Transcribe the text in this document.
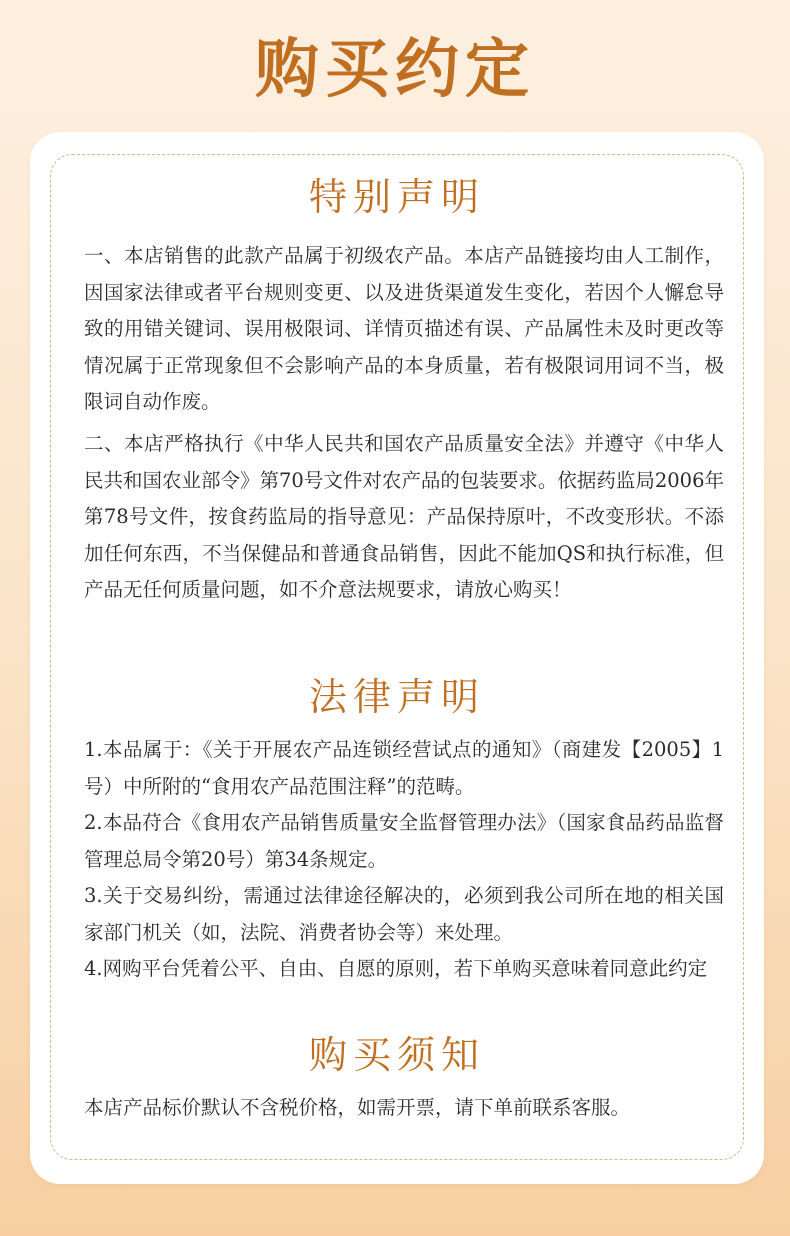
购买约定
特别声明

一、本店销售的此款产品属于初级农产品。本店产品链接均由人工制作，因国家法律或者平台规则变更、以及进货渠道发生变化，若因个人懈怠导致的用错关键词、误用极限词、详情页描述有误、产品属性未及时更改等情况属于正常现象但不会影响产品的本身质量，若有极限词用词不当，极限词自动作废。

二、本店严格执行《中华人民共和国农产品质量安全法》并遵守《中华人民共和国农业部令》第70号文件对农产品的包装要求。依据药监局2006年第78号文件，按食药监局的指导意见：产品保持原叶，不改变形状。不添加任何东西，不当保健品和普通食品销售，因此不能加QS和执行标准，但产品无任何质量问题，如不介意法规要求，请放心购买！

法律声明

1.本品属于：《关于开展农产品连锁经营试点的通知》（商建发【2005】1号）中所附的“食用农产品范围注释”的范畴。

2.本品苻合《食用农产品销售质量安全监督管理办法》（国家食品药品监督管理总局令第20号）第34条规定。

3.关于交易纠纷，需通过法律途径解决的，必须到我公司所在地的相关国家部门机关（如，法院、消费者协会等）来处理。

4.网购平台凭着公平、自由、自愿的原则，若下单购买意味着同意此约定

购买须知

本店产品标价默认不含税价格，如需开票，请下单前联系客服。
